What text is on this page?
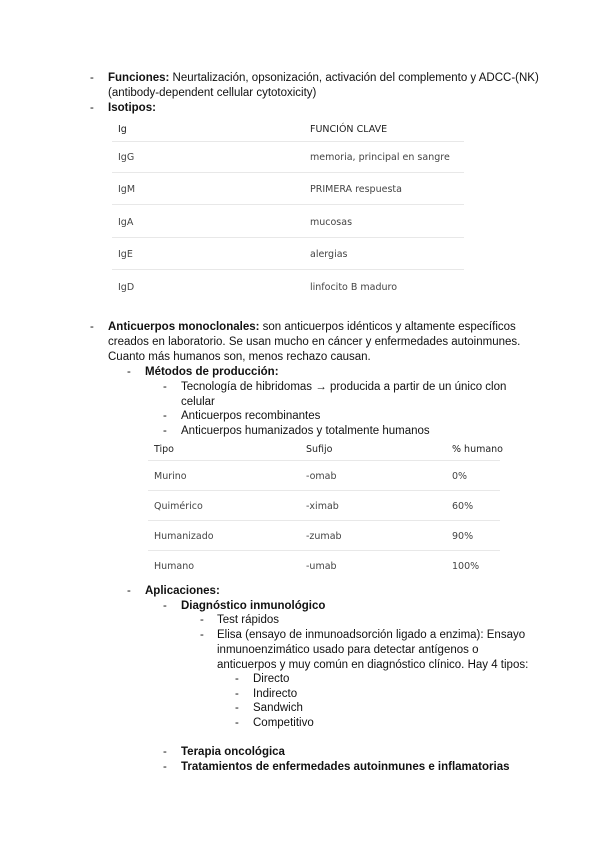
- Funciones: Neurtalización, opsonización, activación del complemento y ADCC-(NK)
(antibody-dependent cellular cytotoxicity)
- Isotipos:
Ig	FUNCIÓN CLAVE
IgG	memoria, principal en sangre
IgM	PRIMERA respuesta
IgA	mucosas
IgE	alergias
IgD	linfocito B maduro
- Anticuerpos monoclonales: son anticuerpos idénticos y altamente específicos
creados en laboratorio. Se usan mucho en cáncer y enfermedades autoinmunes.
Cuanto más humanos son, menos rechazo causan.
- Métodos de producción:
- Tecnología de hibridomas → producida a partir de un único clon
celular
- Anticuerpos recombinantes
- Anticuerpos humanizados y totalmente humanos
Tipo	Sufijo	% humano
Murino	-omab	0%
Quimérico	-ximab	60%
Humanizado	-zumab	90%
Humano	-umab	100%
- Aplicaciones:
- Diagnóstico inmunológico
- Test rápidos
- Elisa (ensayo de inmunoadsorción ligado a enzima): Ensayo
inmunoenzimático usado para detectar antígenos o
anticuerpos y muy común en diagnóstico clínico. Hay 4 tipos:
- Directo
- Indirecto
- Sandwich
- Competitivo
- Terapia oncológica
- Tratamientos de enfermedades autoinmunes e inflamatorias
